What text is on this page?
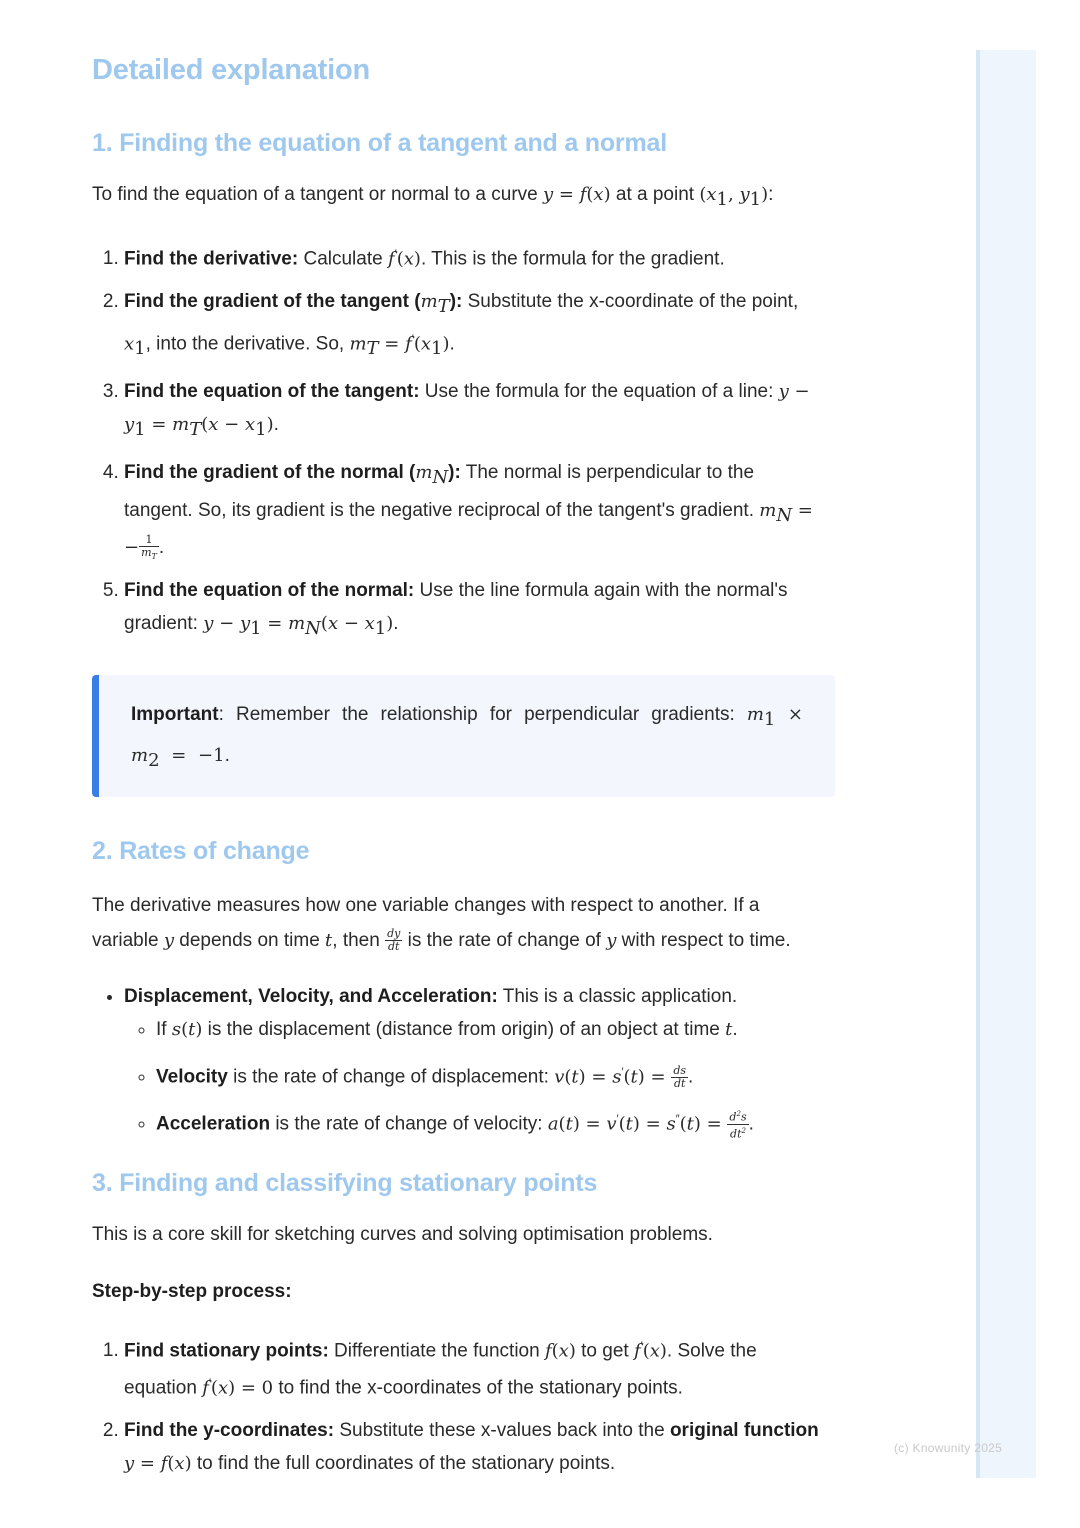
(c) Knowunity 2025
Detailed explanation
1. Finding the equation of a tangent and a normal

To find the equation of a tangent or normal to a curve y = f(x) at a point ($x_1$, $y_1$):

1. Find the derivative: Calculate f′(x). This is the formula for the gradient.
2. Find the gradient of the tangent $(m_T)$: Substitute the x-coordinate of the point, $x_1$, into the derivative. So, $m_T = f'(x_1)$.
3. Find the equation of the tangent: Use the formula for the equation of a line: $y - y_1 = m_T(x - x_1)$.
4. Find the gradient of the normal $(m_N)$: The normal is perpendicular to the tangent. So, its gradient is the negative reciprocal of the tangent's gradient. $m_N$ = − $\frac{1}{m_T}$ .
5. Find the equation of the normal: Use the line formula again with the normal's gradient: $y - y_1 = m_N(x - x_1)$.

Important: Remember the relationship for perpendicular gradients: $m_1 \times m_2 = -1$.

2. Rates of change

The derivative measures how one variable changes with respect to another. If a variable y depends on time t, then $\frac{dy}{dt}$ is the rate of change of y with respect to time.

• Displacement, Velocity, and Acceleration: This is a classic application.
◦ If s(t) is the displacement (distance from origin) of an object at time t.
◦ Velocity is the rate of change of displacement: $v(t) = s'(t) = \frac{ds}{dt}$ .
◦ Acceleration is the rate of change of velocity: $a(t) = v'(t) = s''(t) = \frac{d^2s}{dt^2}$ .
3. Finding and classifying stationary points

This is a core skill for sketching curves and solving optimisation problems.

Step-by-step process:

1. Find stationary points: Differentiate the function f(x) to get f′(x). Solve the equation f′(x) = 0 to find the x-coordinates of the stationary points.
2. Find the y-coordinates: Substitute these x-values back into the original function y = f(x) to find the full coordinates of the stationary points.
